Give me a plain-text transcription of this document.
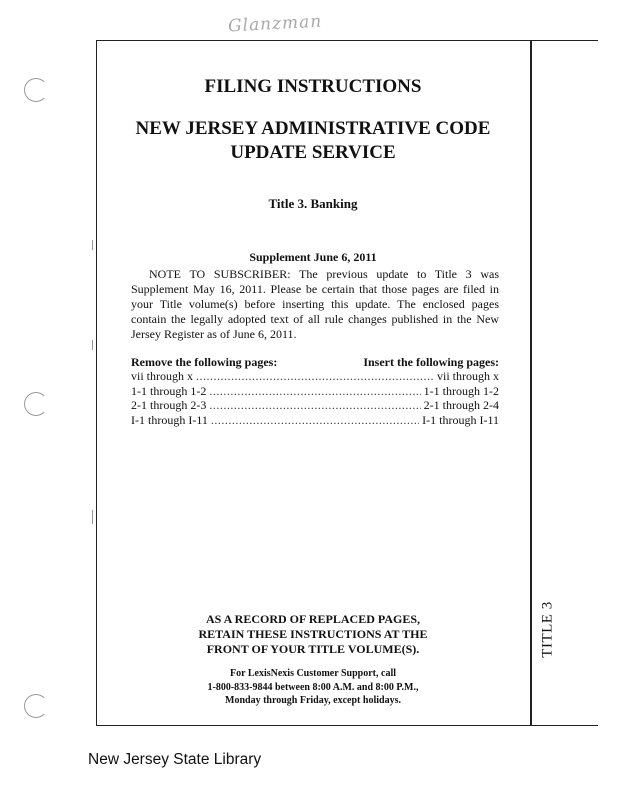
Glanzman
TITLE 3
FILING INSTRUCTIONS
NEW JERSEY ADMINISTRATIVE CODE
UPDATE SERVICE
Title 3. Banking
Supplement June 6, 2011

NOTE TO SUBSCRIBER: The previous update to Title 3 was Supplement May 16, 2011. Please be certain that those pages are filed in your Title volume(s) before inserting this update. The enclosed pages contain the legally adopted text of all rule changes published in the New Jersey Register as of June 6, 2011.

Remove the following pages:	Insert the following pages:
vii through x .....	vii through x
1-1 through 1-2 .....	1-1 through 1-2
2-1 through 2-3 .....	2-1 through 2-4
I-1 through I-11 .....	I-1 through I-11
AS A RECORD OF REPLACED PAGES,
RETAIN THESE INSTRUCTIONS AT THE
FRONT OF YOUR TITLE VOLUME(S).
For LexisNexis Customer Support, call
1-800-833-9844 between 8:00 A.M. and 8:00 P.M.,
Monday through Friday, except holidays.
New Jersey State Library
